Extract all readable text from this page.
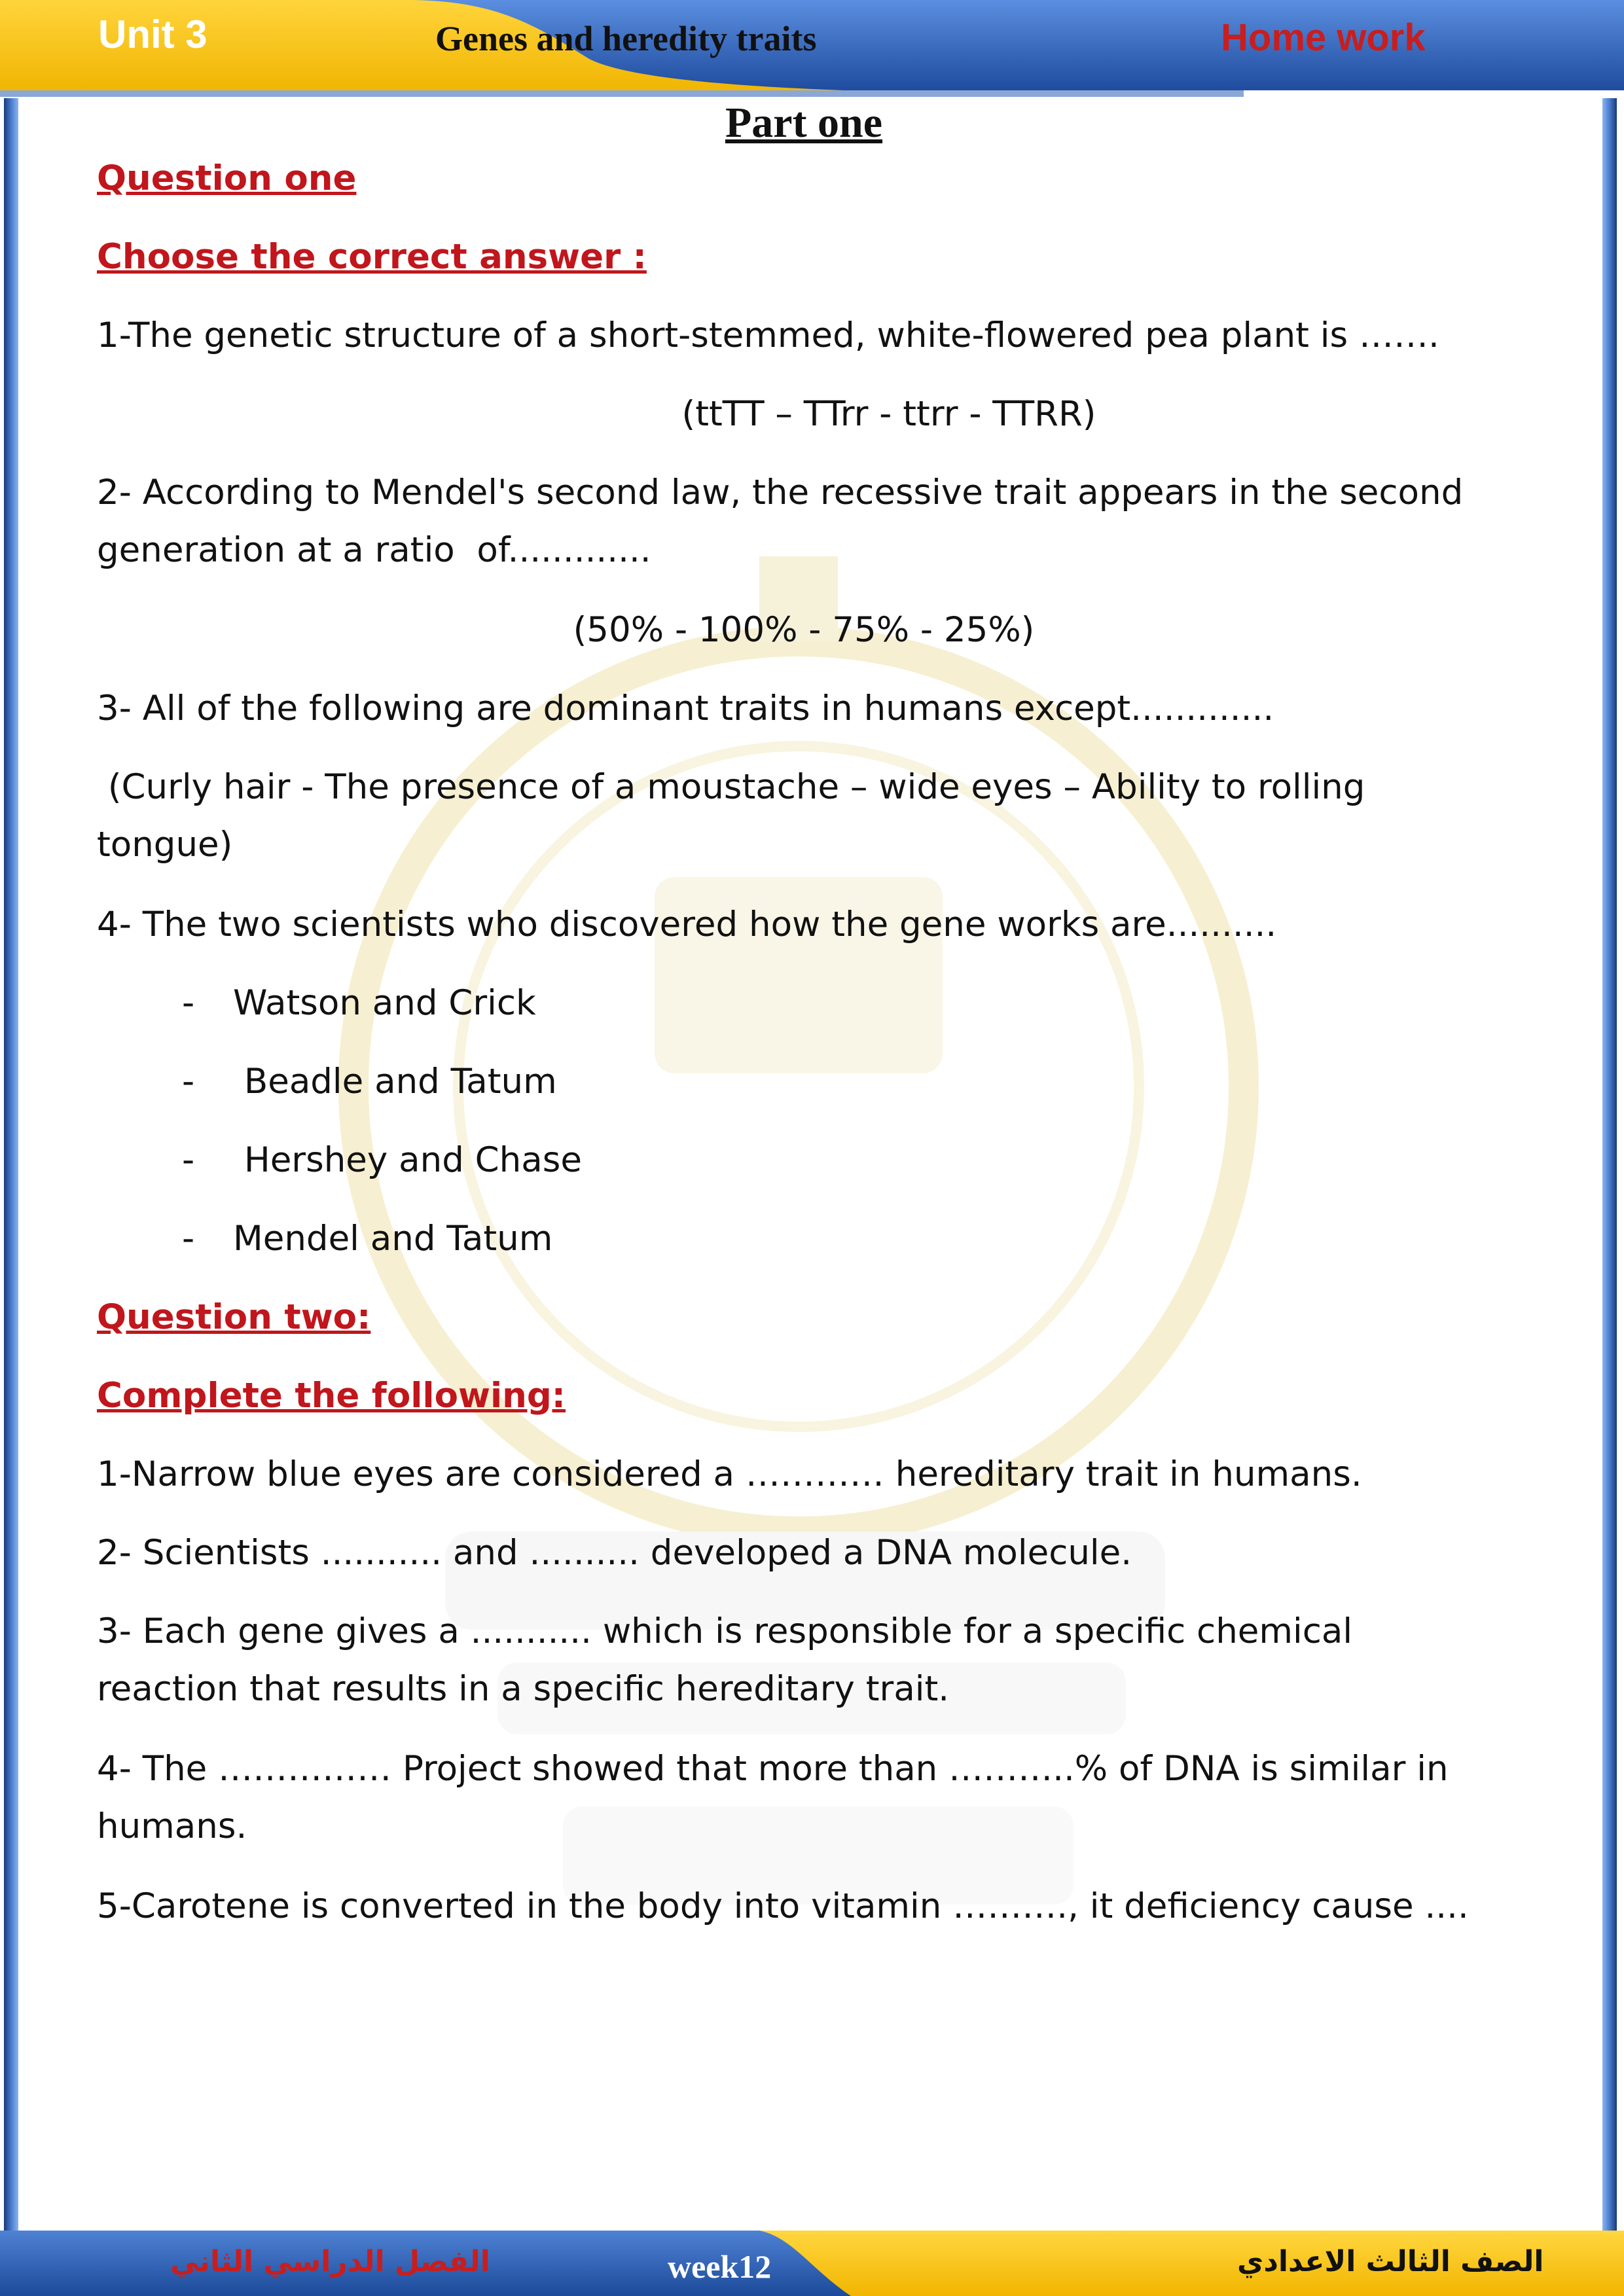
Unit 3	Genes and heredity traits	Home work
Part one
Question one
Choose the correct answer :
1-The genetic structure of a short-stemmed, white-flowered pea plant is …….
(ttTT – TTrr - ttrr - TTRR)
2- According to Mendel's second law, the recessive trait appears in the second
generation at a ratio  of.............
(50% - 100% - 75% - 25%)
3- All of the following are dominant traits in humans except.............
(Curly hair - The presence of a moustache – wide eyes – Ability to rolling
tongue)
4- The two scientists who discovered how the gene works are..........
- Watson and Crick
- Beadle and Tatum
- Hershey and Chase
- Mendel and Tatum
Question two:
Complete the following:
1-Narrow blue eyes are considered a ………… hereditary trait in humans.
2- Scientists ........... and .......... developed a DNA molecule.
3- Each gene gives a ........... which is responsible for a specific chemical
reaction that results in a specific hereditary trait.
4- The …………… Project showed that more than ………..% of DNA is similar in
humans.
5-Carotene is converted in the body into vitamin ………., it deficiency cause ....
الفصل الدراسي الثاني	week12	الصف الثالث الاعدادي
